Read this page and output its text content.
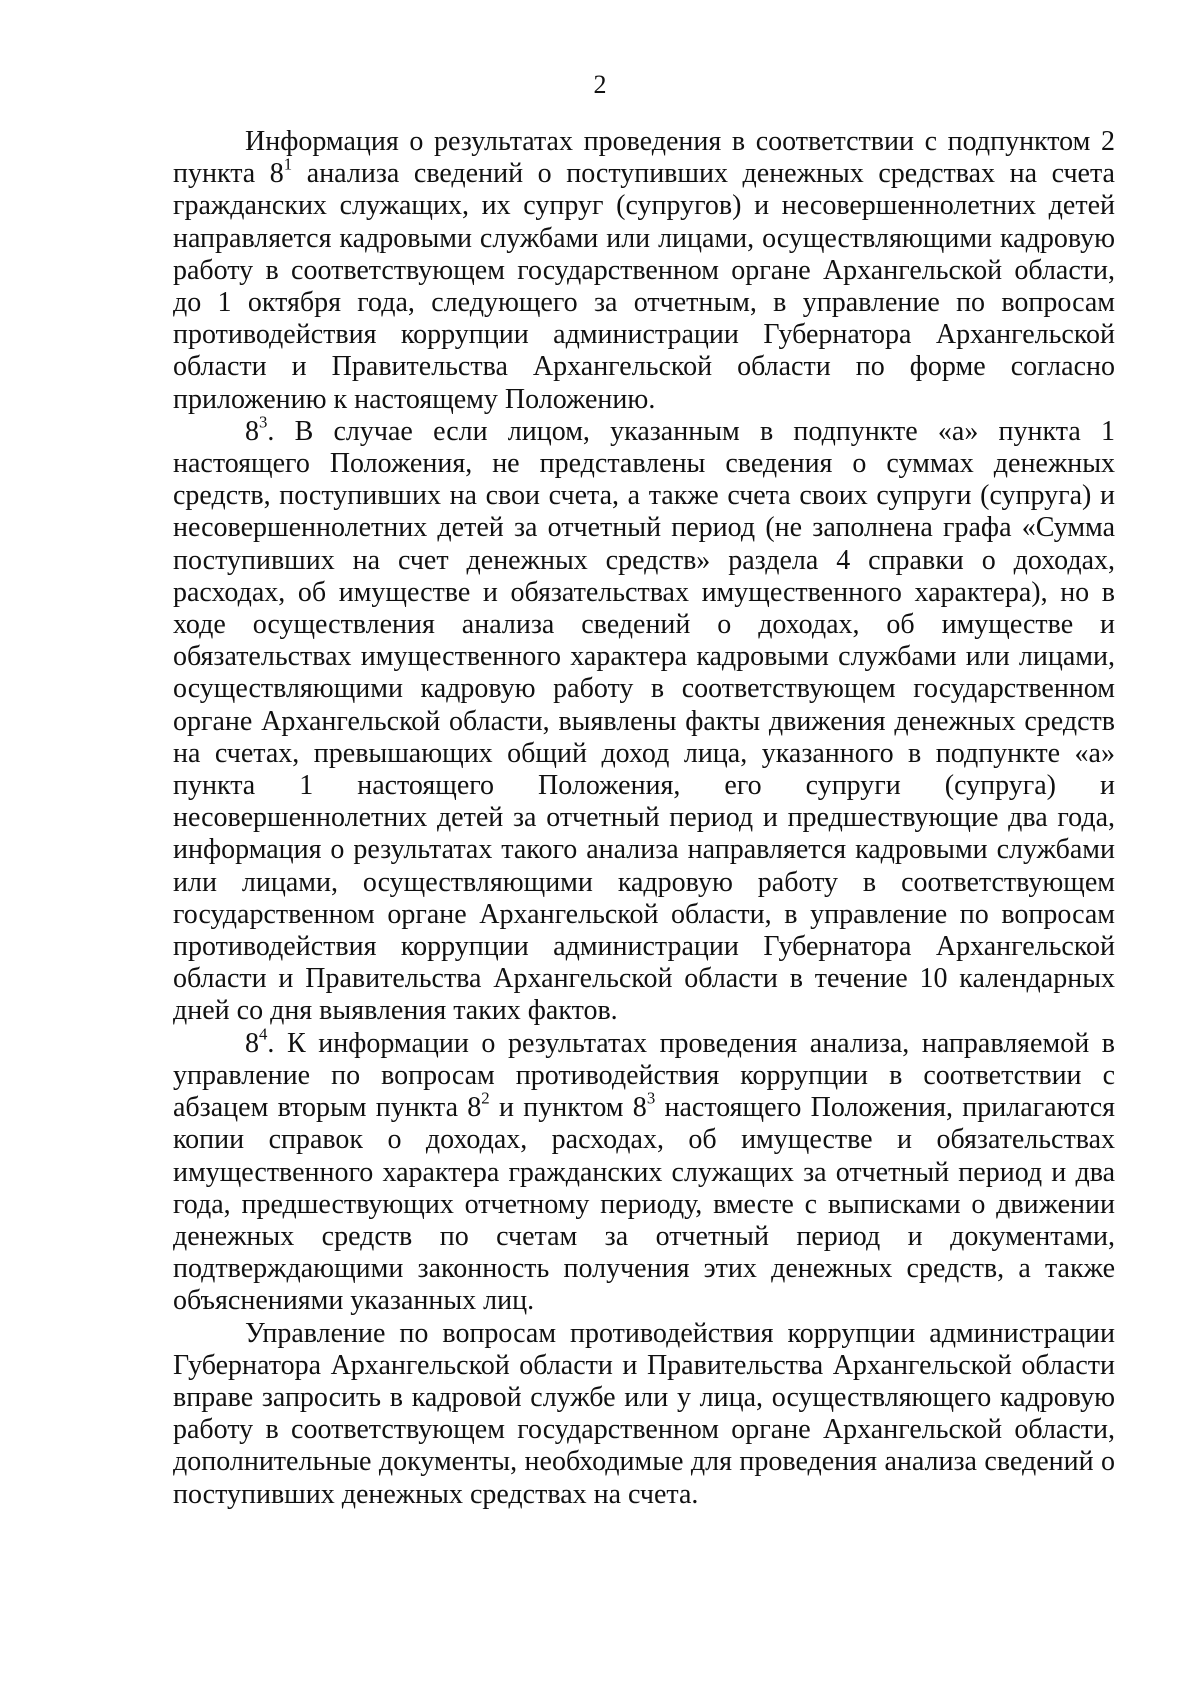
2

Информация о результатах проведения в соответствии с подпунктом 2 пункта $8^1$ анализа сведений о поступивших денежных средствах на счета гражданских служащих, их супруг (супругов) и несовершеннолетних детей направляется кадровыми службами или лицами, осуществляющими кадровую работу в соответствующем государственном органе Архангельской области, до 1 октября года, следующего за отчетным, в управление по вопросам противодействия коррупции администрации Губернатора Архангельской области и Правительства Архангельской области по форме согласно приложению к настоящему Положению.

$8^3$. В случае если лицом, указанным в подпункте «а» пункта 1 настоящего Положения, не представлены сведения о суммах денежных средств, поступивших на свои счета, а также счета своих супруги (супруга) и несовершеннолетних детей за отчетный период (не заполнена графа «Сумма поступивших на счет денежных средств» раздела 4 справки о доходах, расходах, об имуществе и обязательствах имущественного характера), но в ходе осуществления анализа сведений о доходах, об имуществе и обязательствах имущественного характера кадровыми службами или лицами, осуществляющими кадровую работу в соответствующем государственном органе Архангельской области, выявлены факты движения денежных средств на счетах, превышающих общий доход лица, указанного в подпункте «а» пункта 1 настоящего Положения, его супруги (супруга) и несовершеннолетних детей за отчетный период и предшествующие два года, информация о результатах такого анализа направляется кадровыми службами или лицами, осуществляющими кадровую работу в соответствующем государственном органе Архангельской области, в управление по вопросам противодействия коррупции администрации Губернатора Архангельской области и Правительства Архангельской области в течение 10 календарных дней со дня выявления таких фактов.

$8^4$. К информации о результатах проведения анализа, направляемой в управление по вопросам противодействия коррупции в соответствии с абзацем вторым пункта $8^2$ и пунктом $8^3$ настоящего Положения, прилагаются копии справок о доходах, расходах, об имуществе и обязательствах имущественного характера гражданских служащих за отчетный период и два года, предшествующих отчетному периоду, вместе с выписками о движении денежных средств по счетам за отчетный период и документами, подтверждающими законность получения этих денежных средств, а также объяснениями указанных лиц.

Управление по вопросам противодействия коррупции администрации Губернатора Архангельской области и Правительства Архангельской области вправе запросить в кадровой службе или у лица, осуществляющего кадровую работу в соответствующем государственном органе Архангельской области, дополнительные документы, необходимые для проведения анализа сведений о поступивших денежных средствах на счета.
